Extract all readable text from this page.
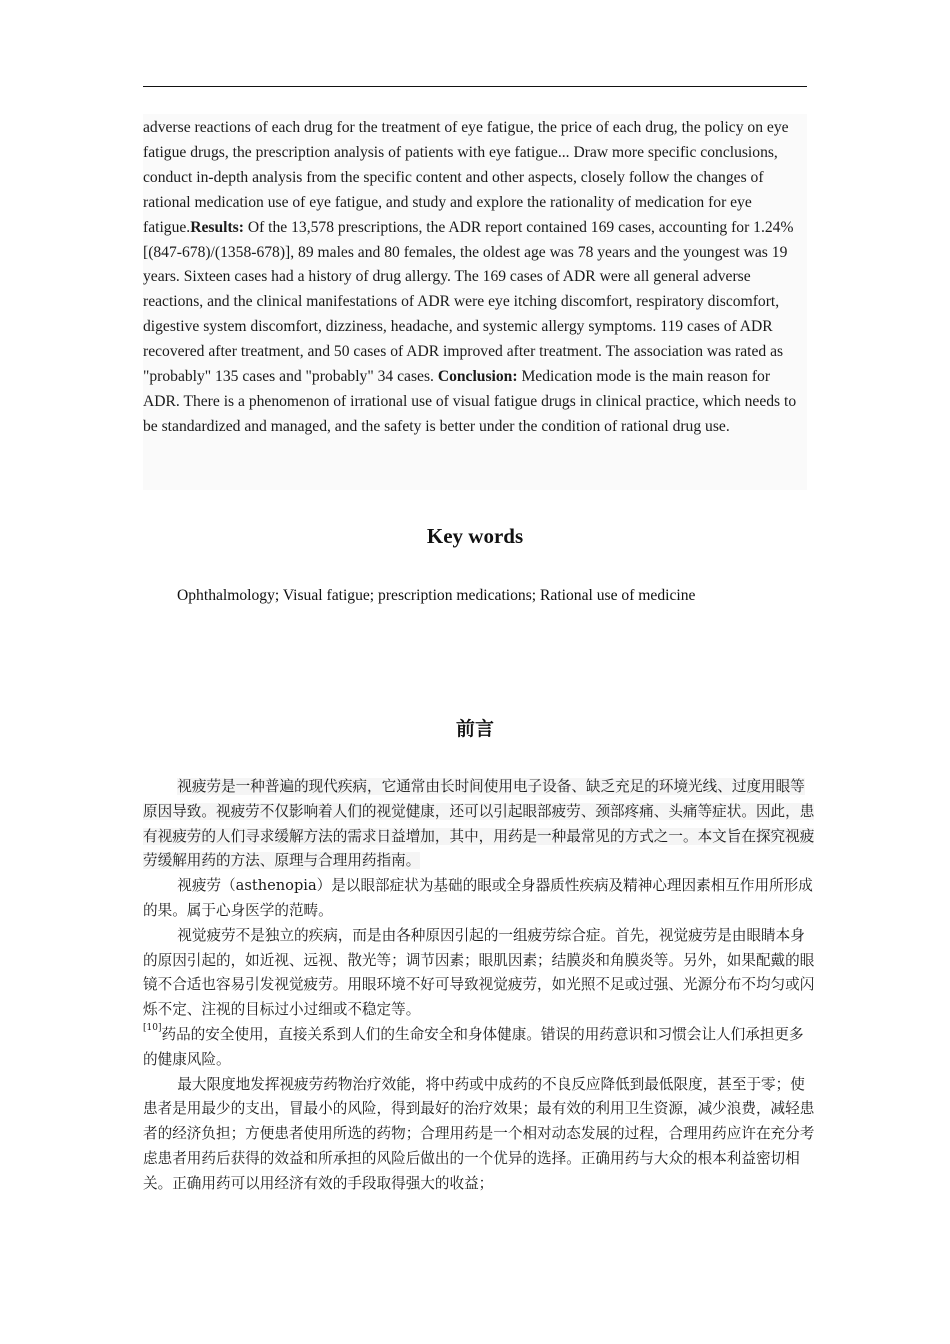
adverse reactions of each drug for the treatment of eye fatigue, the price of each drug, the policy on eye fatigue drugs, the prescription analysis of patients with eye fatigue... Draw more specific conclusions, conduct in-depth analysis from the specific content and other aspects, closely follow the changes of rational medication use of eye fatigue, and study and explore the rationality of medication for eye fatigue.Results: Of the 13,578 prescriptions, the ADR report contained 169 cases, accounting for 1.24% [(847-678)/(1358-678)], 89 males and 80 females, the oldest age was 78 years and the youngest was 19 years. Sixteen cases had a history of drug allergy. The 169 cases of ADR were all general adverse reactions, and the clinical manifestations of ADR were eye itching discomfort, respiratory discomfort, digestive system discomfort, dizziness, headache, and systemic allergy symptoms. 119 cases of ADR recovered after treatment, and 50 cases of ADR improved after treatment. The association was rated as "probably" 135 cases and "probably" 34 cases. Conclusion: Medication mode is the main reason for ADR. There is a phenomenon of irrational use of visual fatigue drugs in clinical practice, which needs to be standardized and managed, and the safety is better under the condition of rational drug use.

Key words

Ophthalmology; Visual fatigue; prescription medications; Rational use of medicine

前言

视疲劳是一种普遍的现代疾病，它通常由长时间使用电子设备、缺乏充足的环境光线、过度用眼等原因导致。视疲劳不仅影响着人们的视觉健康，还可以引起眼部疲劳、颈部疼痛、头痛等症状。因此，患有视疲劳的人们寻求缓解方法的需求日益增加，其中，用药是一种最常见的方式之一。本文旨在探究视疲劳缓解用药的方法、原理与合理用药指南。

视疲劳（asthenopia）是以眼部症状为基础的眼或全身器质性疾病及精神心理因素相互作用所形成的果。属于心身医学的范畴。

视觉疲劳不是独立的疾病，而是由各种原因引起的一组疲劳综合症。首先，视觉疲劳是由眼睛本身的原因引起的，如近视、远视、散光等；调节因素；眼肌因素；结膜炎和角膜炎等。另外，如果配戴的眼镜不合适也容易引发视觉疲劳。用眼环境不好可导致视觉疲劳，如光照不足或过强、光源分布不均匀或闪烁不定、注视的目标过小过细或不稳定等。

[10]药品的安全使用，直接关系到人们的生命安全和身体健康。错误的用药意识和习惯会让人们承担更多的健康风险。

最大限度地发挥视疲劳药物治疗效能，将中药或中成药的不良反应降低到最低限度，甚至于零；使患者是用最少的支出，冒最小的风险，得到最好的治疗效果；最有效的利用卫生资源，减少浪费，减轻患者的经济负担；方便患者使用所选的药物；合理用药是一个相对动态发展的过程，合理用药应许在充分考虑患者用药后获得的效益和所承担的风险后做出的一个优异的选择。正确用药与大众的根本利益密切相关。正确用药可以用经济有效的手段取得强大的收益；
